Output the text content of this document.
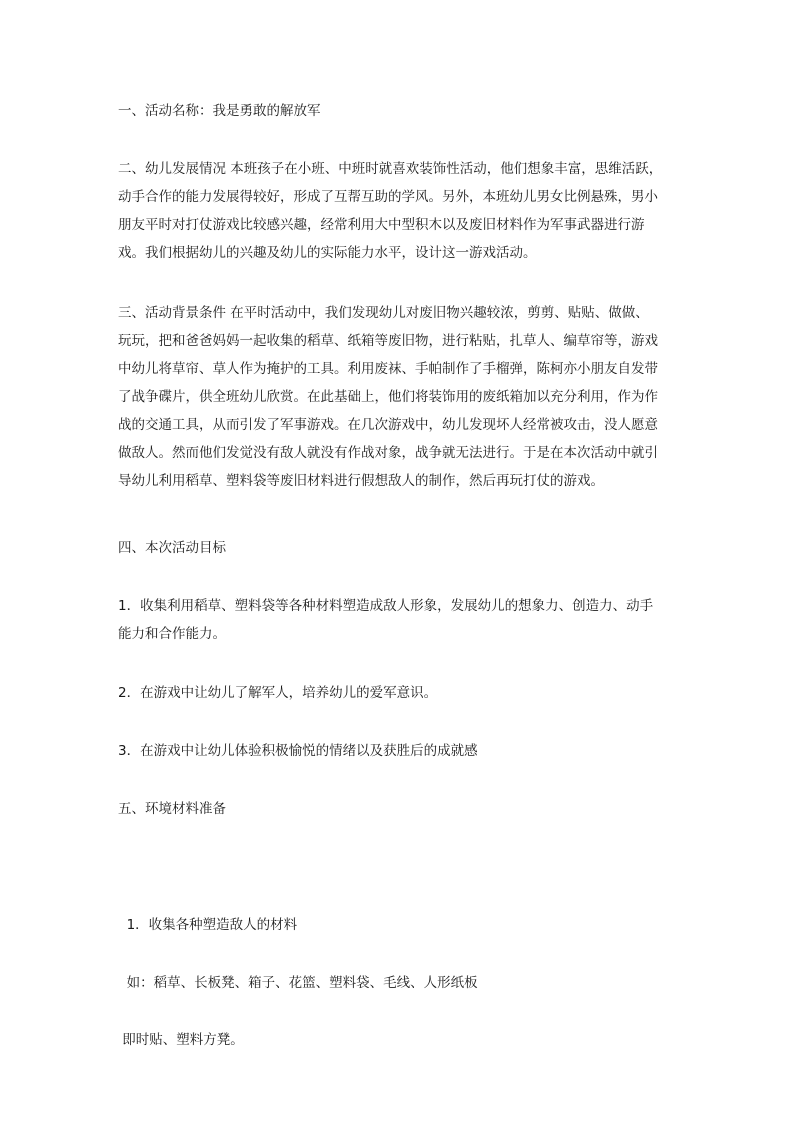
一、活动名称：我是勇敢的解放军

二、幼儿发展情况 本班孩子在小班、中班时就喜欢装饰性活动，他们想象丰富，思维活跃，
动手合作的能力发展得较好，形成了互帮互助的学风。另外，本班幼儿男女比例悬殊，男小
朋友平时对打仗游戏比较感兴趣，经常利用大中型积木以及废旧材料作为军事武器进行游
戏。我们根据幼儿的兴趣及幼儿的实际能力水平，设计这一游戏活动。

三、活动背景条件 在平时活动中，我们发现幼儿对废旧物兴趣较浓，剪剪、贴贴、做做、
玩玩，把和爸爸妈妈一起收集的稻草、纸箱等废旧物，进行粘贴，扎草人、编草帘等，游戏
中幼儿将草帘、草人作为掩护的工具。利用废袜、手帕制作了手榴弹，陈柯亦小朋友自发带
了战争碟片，供全班幼儿欣赏。在此基础上，他们将装饰用的废纸箱加以充分利用，作为作
战的交通工具，从而引发了军事游戏。在几次游戏中，幼儿发现坏人经常被攻击，没人愿意
做敌人。然而他们发觉没有敌人就没有作战对象，战争就无法进行。于是在本次活动中就引
导幼儿利用稻草、塑料袋等废旧材料进行假想敌人的制作，然后再玩打仗的游戏。

四、本次活动目标

1．收集利用稻草、塑料袋等各种材料塑造成敌人形象，发展幼儿的想象力、创造力、动手
能力和合作能力。

2．在游戏中让幼儿了解军人，培养幼儿的爱军意识。

3．在游戏中让幼儿体验积极愉悦的情绪以及获胜后的成就感

五、环境材料准备

1．收集各种塑造敌人的材料

如：稻草、长板凳、箱子、花篮、塑料袋、毛线、人形纸板

即时贴、塑料方凳。
